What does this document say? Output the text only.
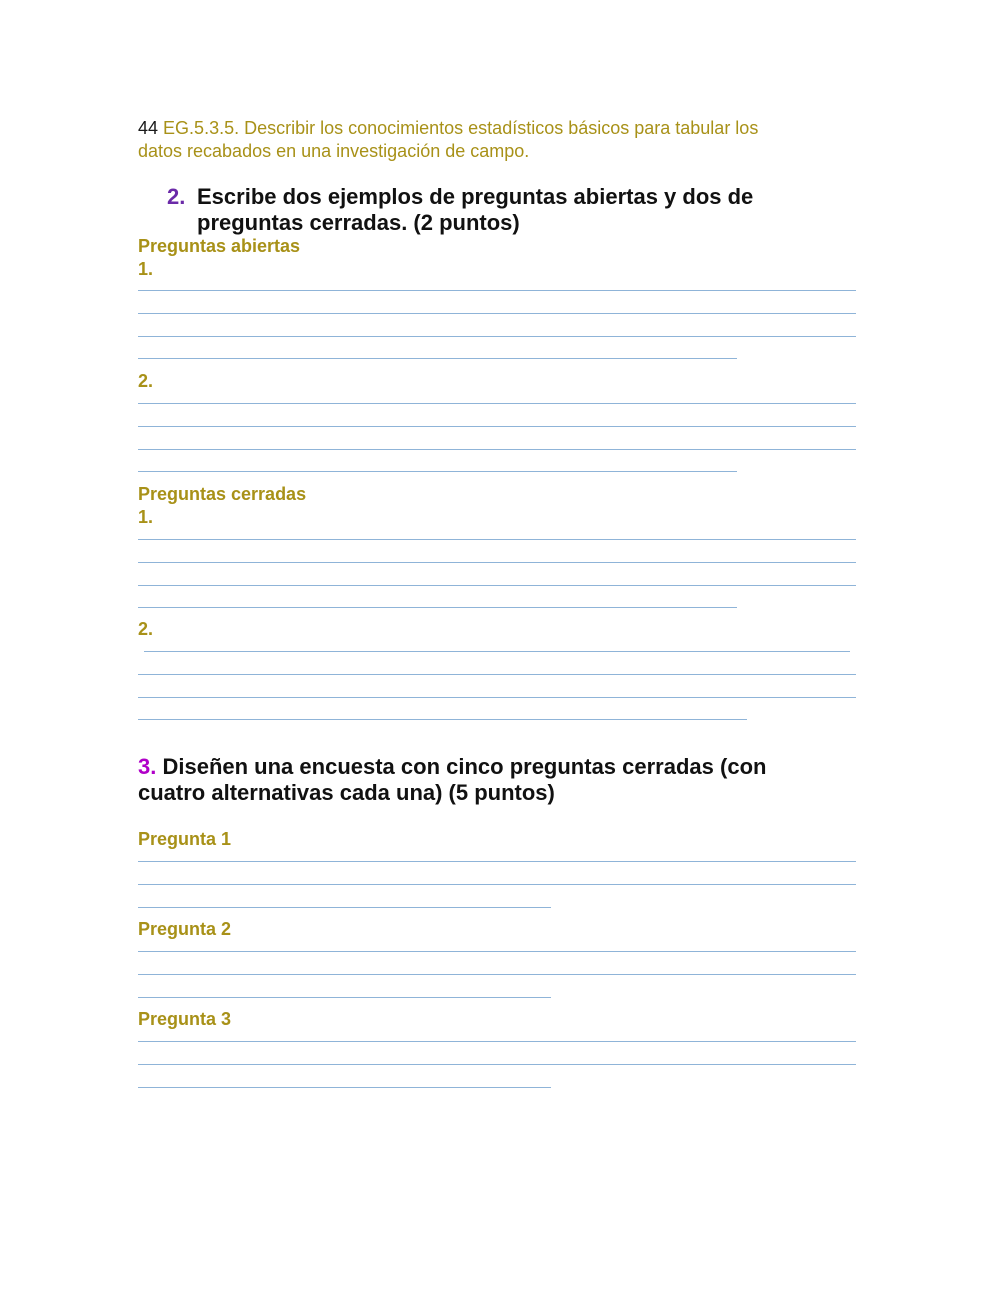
44 EG.5.3.5. Describir los conocimientos estadísticos básicos para tabular los
datos recabados en una investigación de campo.
2. Escribe dos ejemplos de preguntas abiertas y dos de
preguntas cerradas. (2 puntos)
Preguntas abiertas
1.
2.
Preguntas cerradas
1.
2.
3. Diseñen una encuesta con cinco preguntas cerradas (con
cuatro alternativas cada una) (5 puntos)
Pregunta 1
Pregunta 2
Pregunta 3
